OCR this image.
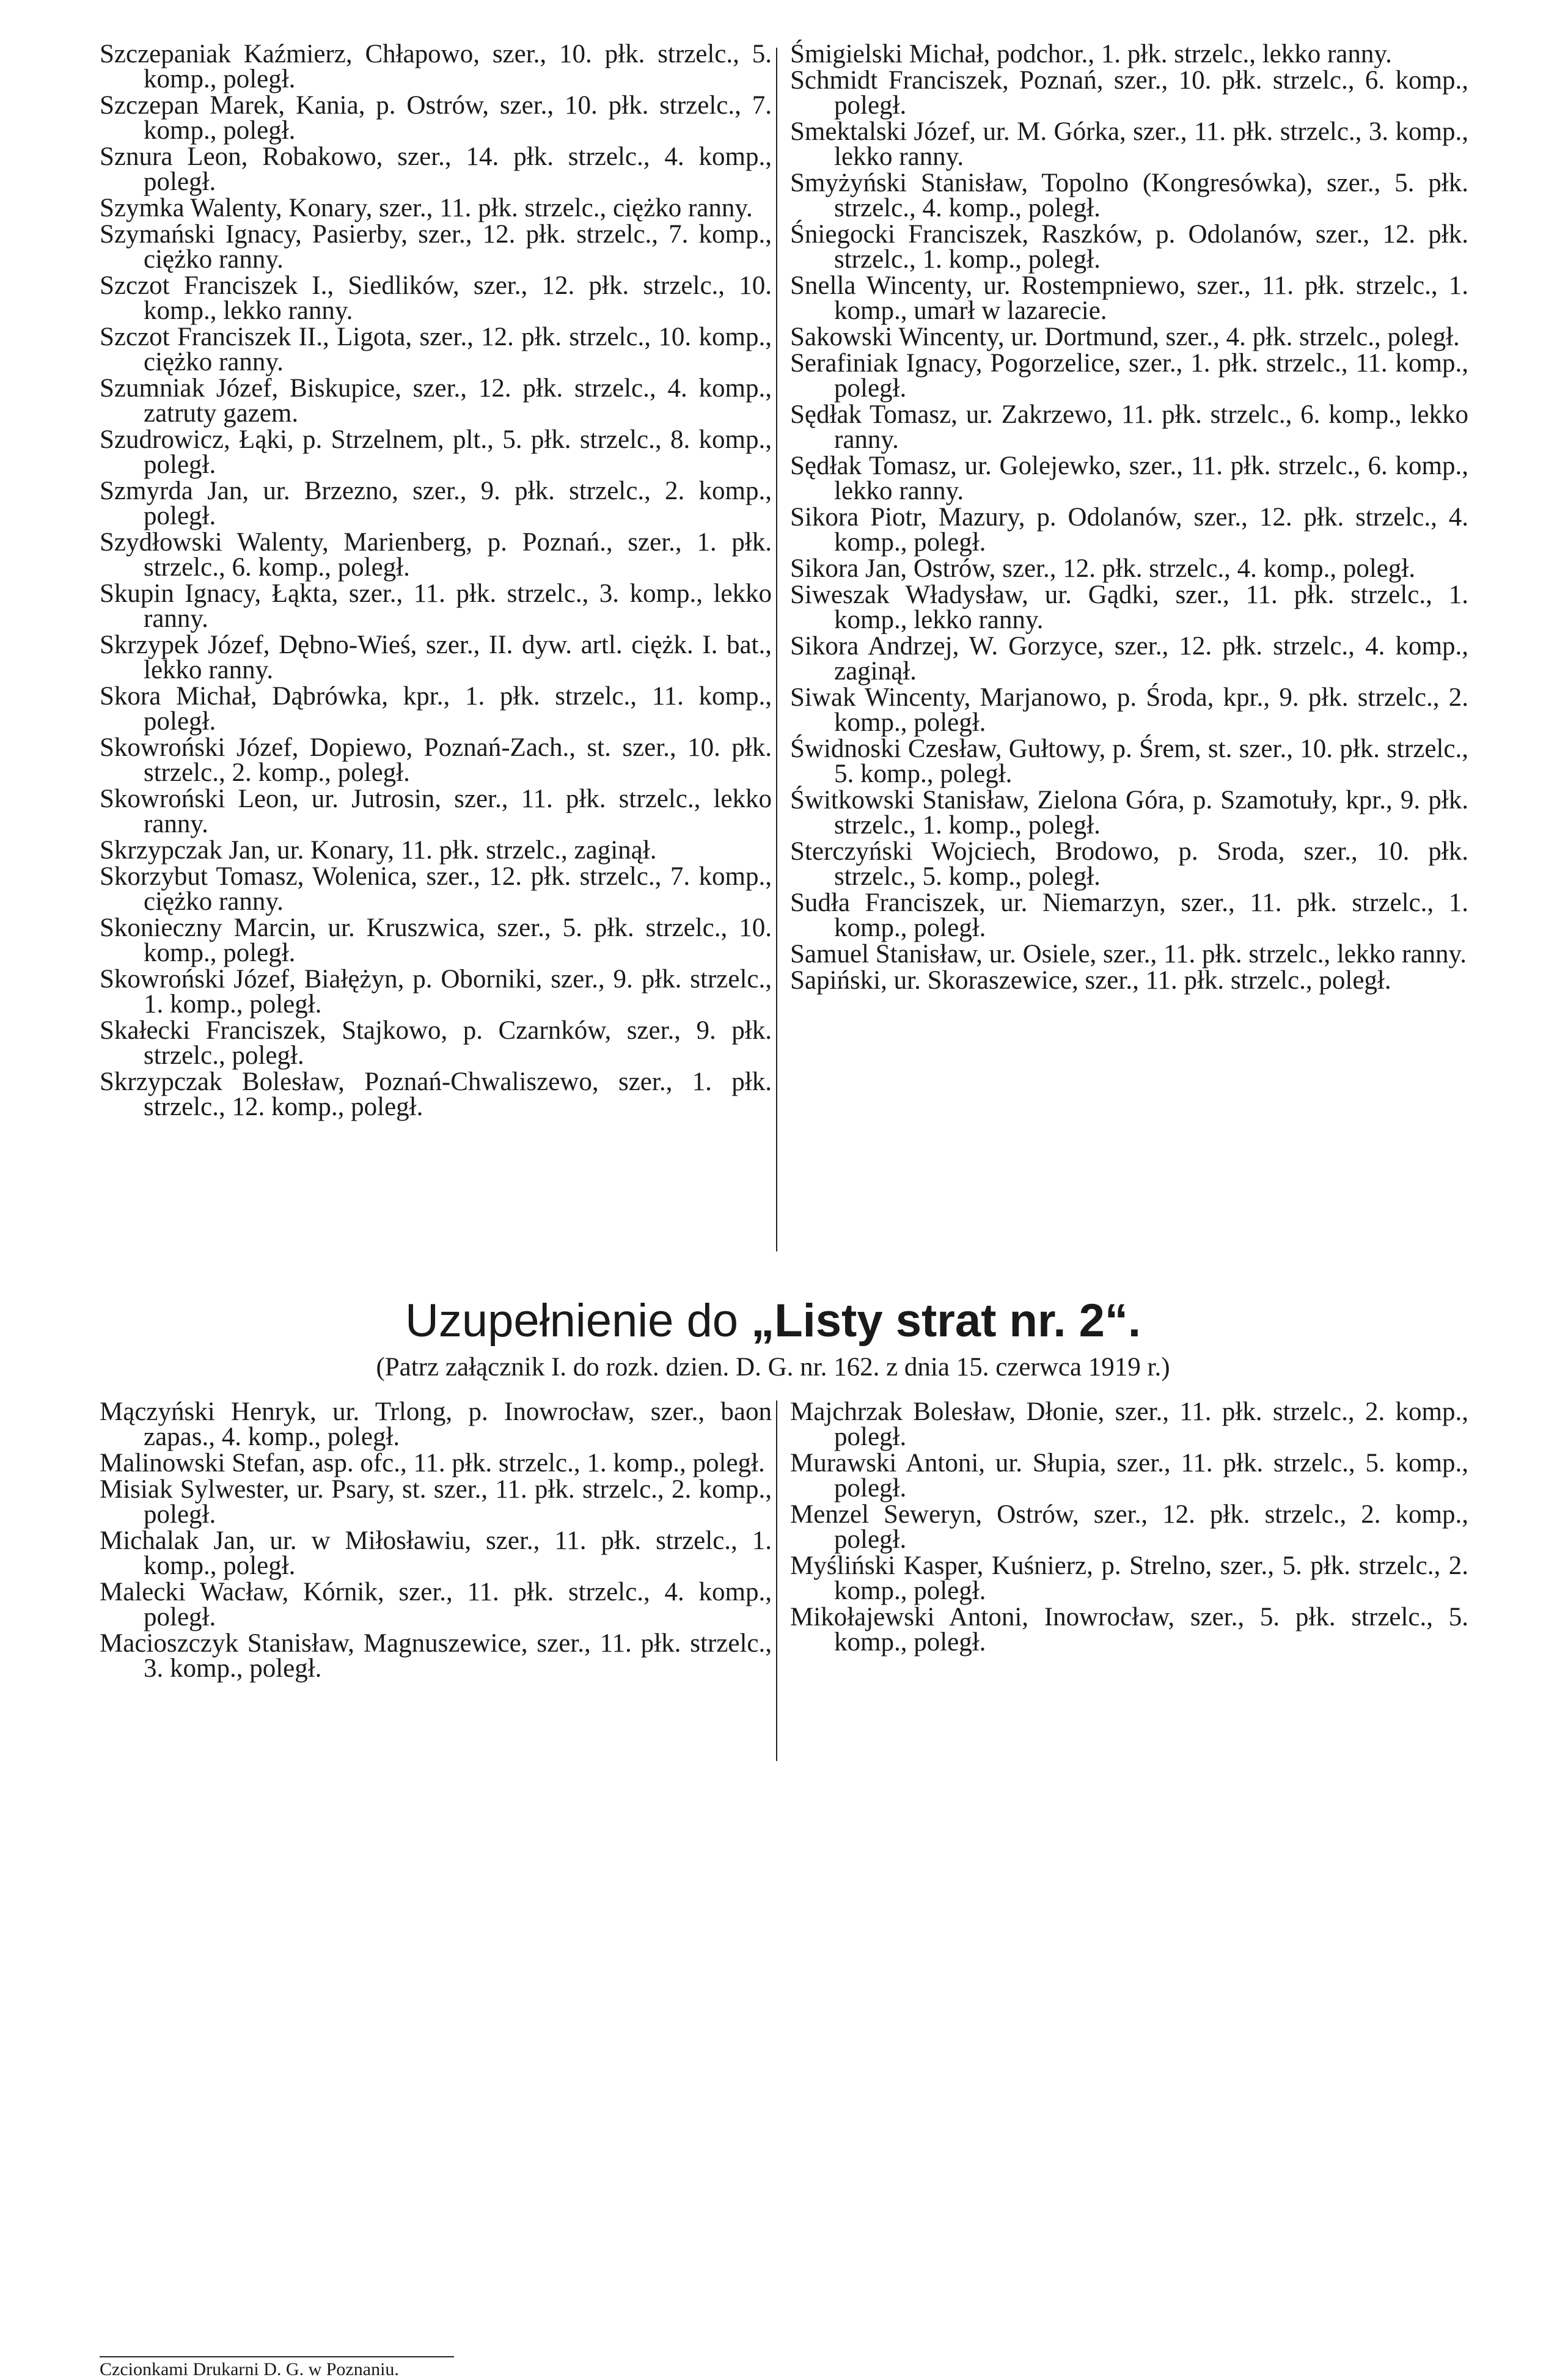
Szczepaniak Kaźmierz, Chłapowo, szer., 10. płk. strzelc., 5. komp., poległ.

Szczepan Marek, Kania, p. Ostrów, szer., 10. płk. strzelc., 7. komp., poległ.

Sznura Leon, Robakowo, szer., 14. płk. strzelc., 4. komp., poległ.

Szymka Walenty, Konary, szer., 11. płk. strzelc., ciężko ranny.

Szymański Ignacy, Pasierby, szer., 12. płk. strzelc., 7. komp., ciężko ranny.

Szczot Franciszek I., Siedlików, szer., 12. płk. strzelc., 10. komp., lekko ranny.

Szczot Franciszek II., Ligota, szer., 12. płk. strzelc., 10. komp., ciężko ranny.

Szumniak Józef, Biskupice, szer., 12. płk. strzelc., 4. komp., zatruty gazem.

Szudrowicz, Łąki, p. Strzelnem, plt., 5. płk. strzelc., 8. komp., poległ.

Szmyrda Jan, ur. Brzezno, szer., 9. płk. strzelc., 2. komp., poległ.

Szydłowski Walenty, Marienberg, p. Poznań., szer., 1. płk. strzelc., 6. komp., poległ.

Skupin Ignacy, Łąkta, szer., 11. płk. strzelc., 3. komp., lekko ranny.

Skrzypek Józef, Dębno-Wieś, szer., II. dyw. artl. ciężk. I. bat., lekko ranny.

Skora Michał, Dąbrówka, kpr., 1. płk. strzelc., 11. komp., poległ.

Skowroński Józef, Dopiewo, Poznań-Zach., st. szer., 10. płk. strzelc., 2. komp., poległ.

Skowroński Leon, ur. Jutrosin, szer., 11. płk. strzelc., lekko ranny.

Skrzypczak Jan, ur. Konary, 11. płk. strzelc., zaginął.

Skorzybut Tomasz, Wolenica, szer., 12. płk. strzelc., 7. komp., ciężko ranny.

Skonieczny Marcin, ur. Kruszwica, szer., 5. płk. strzelc., 10. komp., poległ.

Skowroński Józef, Białężyn, p. Oborniki, szer., 9. płk. strzelc., 1. komp., poległ.

Skałecki Franciszek, Stajkowo, p. Czarnków, szer., 9. płk. strzelc., poległ.

Skrzypczak Bolesław, Poznań-Chwaliszewo, szer., 1. płk. strzelc., 12. komp., poległ.

Śmigielski Michał, podchor., 1. płk. strzelc., lekko ranny.

Schmidt Franciszek, Poznań, szer., 10. płk. strzelc., 6. komp., poległ.

Smektalski Józef, ur. M. Górka, szer., 11. płk. strzelc., 3. komp., lekko ranny.

Smyżyński Stanisław, Topolno (Kongresówka), szer., 5. płk. strzelc., 4. komp., poległ.

Śniegocki Franciszek, Raszków, p. Odolanów, szer., 12. płk. strzelc., 1. komp., poległ.

Snella Wincenty, ur. Rostempniewo, szer., 11. płk. strzelc., 1. komp., umarł w lazarecie.

Sakowski Wincenty, ur. Dortmund, szer., 4. płk. strzelc., poległ.

Serafiniak Ignacy, Pogorzelice, szer., 1. płk. strzelc., 11. komp., poległ.

Sędłak Tomasz, ur. Zakrzewo, 11. płk. strzelc., 6. komp., lekko ranny.

Sędłak Tomasz, ur. Golejewko, szer., 11. płk. strzelc., 6. komp., lekko ranny.

Sikora Piotr, Mazury, p. Odolanów, szer., 12. płk. strzelc., 4. komp., poległ.

Sikora Jan, Ostrów, szer., 12. płk. strzelc., 4. komp., poległ.

Siweszak Władysław, ur. Gądki, szer., 11. płk. strzelc., 1. komp., lekko ranny.

Sikora Andrzej, W. Gorzyce, szer., 12. płk. strzelc., 4. komp., zaginął.

Siwak Wincenty, Marjanowo, p. Środa, kpr., 9. płk. strzelc., 2. komp., poległ.

Świdnoski Czesław, Gułtowy, p. Śrem, st. szer., 10. płk. strzelc., 5. komp., poległ.

Świtkowski Stanisław, Zielona Góra, p. Szamotuły, kpr., 9. płk. strzelc., 1. komp., poległ.

Sterczyński Wojciech, Brodowo, p. Sroda, szer., 10. płk. strzelc., 5. komp., poległ.

Sudła Franciszek, ur. Niemarzyn, szer., 11. płk. strzelc., 1. komp., poległ.

Samuel Stanisław, ur. Osiele, szer., 11. płk. strzelc., lekko ranny.

Sapiński, ur. Skoraszewice, szer., 11. płk. strzelc., poległ.

Uzupełnienie do „Listy strat nr. 2“.
(Patrz załącznik I. do rozk. dzien. D. G. nr. 162. z dnia 15. czerwca 1919 r.)

Mączyński Henryk, ur. Trlong, p. Inowrocław, szer., baon zapas., 4. komp., poległ.

Malinowski Stefan, asp. ofc., 11. płk. strzelc., 1. komp., poległ.

Misiak Sylwester, ur. Psary, st. szer., 11. płk. strzelc., 2. komp., poległ.

Michalak Jan, ur. w Miłosławiu, szer., 11. płk. strzelc., 1. komp., poległ.

Malecki Wacław, Kórnik, szer., 11. płk. strzelc., 4. komp., poległ.

Macioszczyk Stanisław, Magnuszewice, szer., 11. płk. strzelc., 3. komp., poległ.

Majchrzak Bolesław, Dłonie, szer., 11. płk. strzelc., 2. komp., poległ.

Murawski Antoni, ur. Słupia, szer., 11. płk. strzelc., 5. komp., poległ.

Menzel Seweryn, Ostrów, szer., 12. płk. strzelc., 2. komp., poległ.

Myśliński Kasper, Kuśnierz, p. Strelno, szer., 5. płk. strzelc., 2. komp., poległ.

Mikołajewski Antoni, Inowrocław, szer., 5. płk. strzelc., 5. komp., poległ.

Czcionkami Drukarni D. G. w Poznaniu.
